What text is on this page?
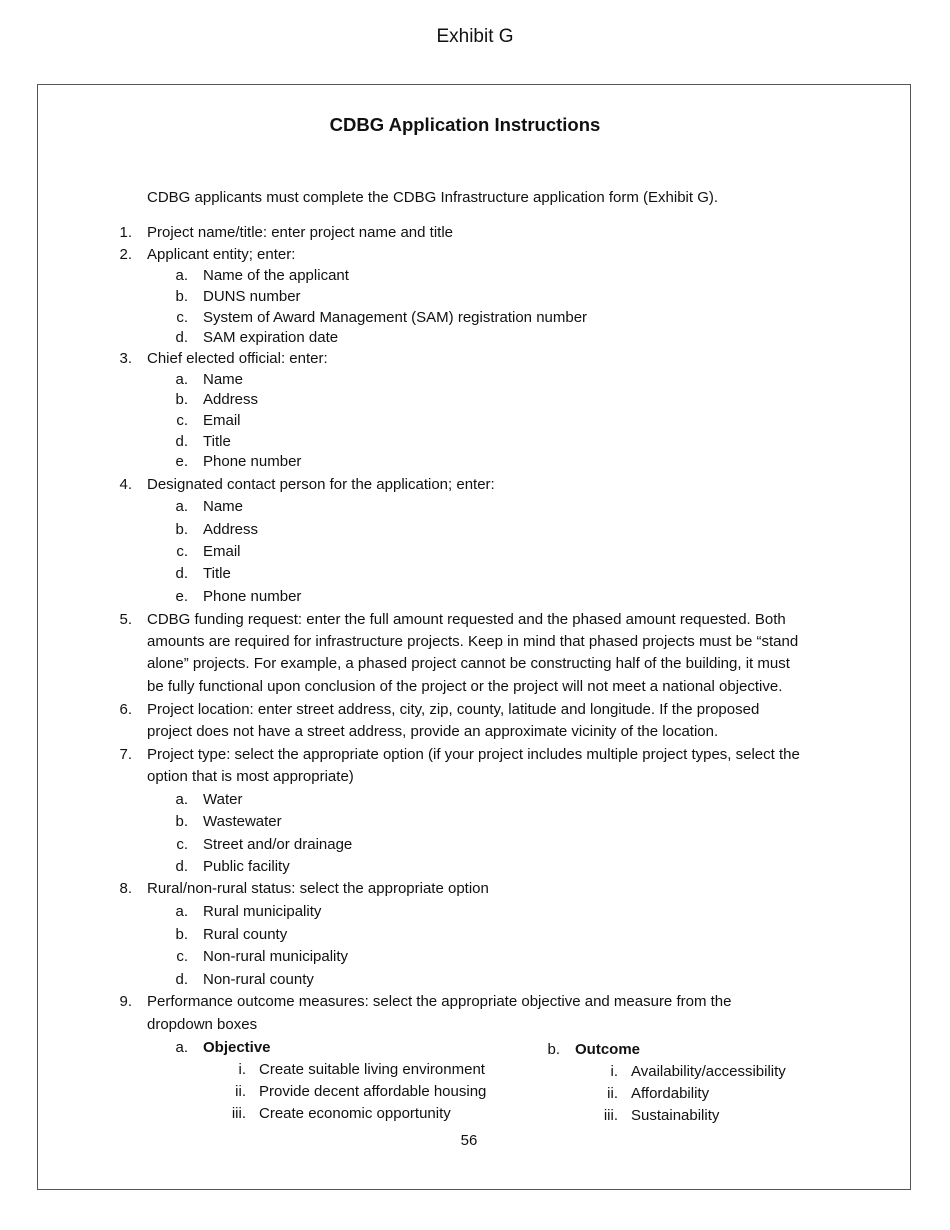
Exhibit G
CDBG Application Instructions
CDBG applicants must complete the CDBG Infrastructure application form (Exhibit G).
1. Project name/title: enter project name and title
2. Applicant entity; enter:
a. Name of the applicant
b. DUNS number
c. System of Award Management (SAM) registration number
d. SAM expiration date
3. Chief elected official: enter:
a. Name
b. Address
c. Email
d. Title
e. Phone number
4. Designated contact person for the application; enter:
a. Name
b. Address
c. Email
d. Title
e. Phone number
5. CDBG funding request: enter the full amount requested and the phased amount requested. Both
amounts are required for infrastructure projects. Keep in mind that phased projects must be “stand
alone” projects. For example, a phased project cannot be constructing half of the building, it must
be fully functional upon conclusion of the project or the project will not meet a national objective.
6. Project location: enter street address, city, zip, county, latitude and longitude. If the proposed
project does not have a street address, provide an approximate vicinity of the location.
7. Project type: select the appropriate option (if your project includes multiple project types, select the
option that is most appropriate)
a. Water
b. Wastewater
c. Street and/or drainage
d. Public facility
8. Rural/non-rural status: select the appropriate option
a. Rural municipality
b. Rural county
c. Non-rural municipality
d. Non-rural county
9. Performance outcome measures: select the appropriate objective and measure from the
dropdown boxes
a. Objective
i. Create suitable living environment
ii. Provide decent affordable housing
iii. Create economic opportunity
b. Outcome
i. Availability/accessibility
ii. Affordability
iii. Sustainability
56
